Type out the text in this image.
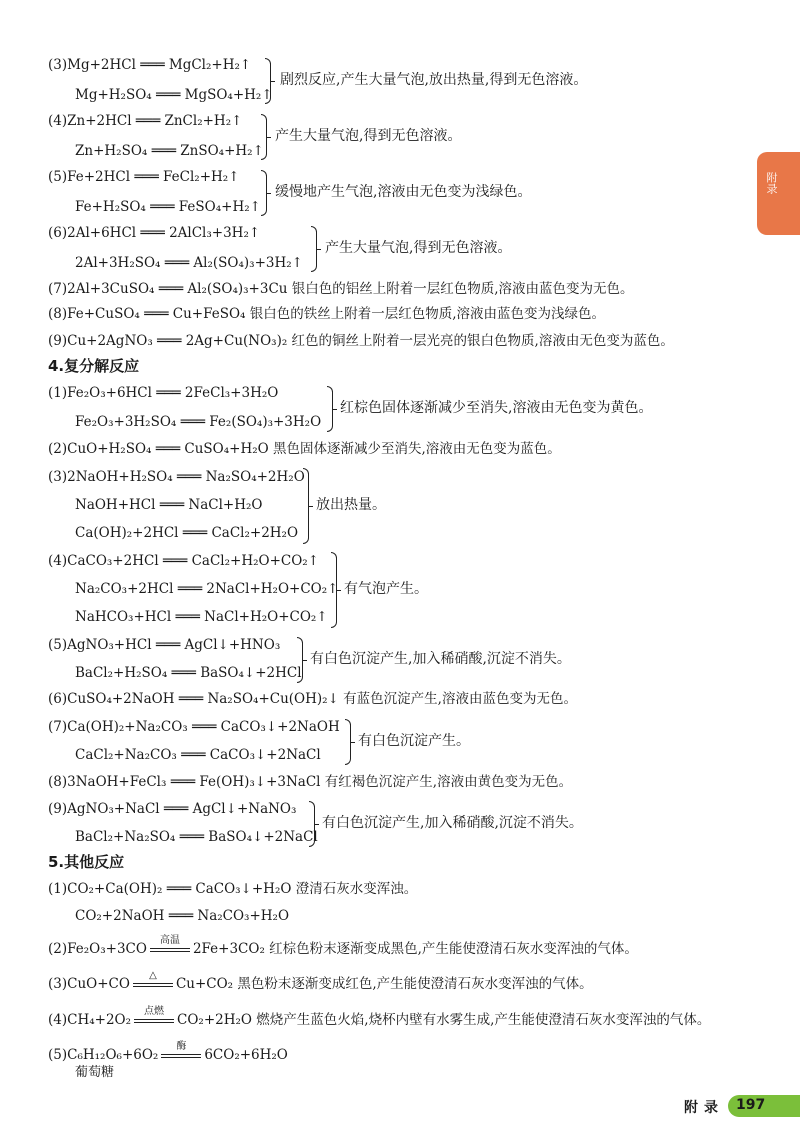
(3)Mg+2HCl ═══ MgCl₂+H₂↑
Mg+H₂SO₄ ═══ MgSO₄+H₂↑
剧烈反应,产生大量气泡,放出热量,得到无色溶液。
(4)Zn+2HCl ═══ ZnCl₂+H₂↑
Zn+H₂SO₄ ═══ ZnSO₄+H₂↑
产生大量气泡,得到无色溶液。
(5)Fe+2HCl ═══ FeCl₂+H₂↑
Fe+H₂SO₄ ═══ FeSO₄+H₂↑
缓慢地产生气泡,溶液由无色变为浅绿色。
(6)2Al+6HCl ═══ 2AlCl₃+3H₂↑
2Al+3H₂SO₄ ═══ Al₂(SO₄)₃+3H₂↑
产生大量气泡,得到无色溶液。
(7)2Al+3CuSO₄ ═══ Al₂(SO₄)₃+3Cu 银白色的铝丝上附着一层红色物质,溶液由蓝色变为无色。
(8)Fe+CuSO₄ ═══ Cu+FeSO₄ 银白色的铁丝上附着一层红色物质,溶液由蓝色变为浅绿色。
(9)Cu+2AgNO₃ ═══ 2Ag+Cu(NO₃)₂ 红色的铜丝上附着一层光亮的银白色物质,溶液由无色变为蓝色。
4.复分解反应
(1)Fe₂O₃+6HCl ═══ 2FeCl₃+3H₂O
Fe₂O₃+3H₂SO₄ ═══ Fe₂(SO₄)₃+3H₂O
红棕色固体逐渐减少至消失,溶液由无色变为黄色。
(2)CuO+H₂SO₄ ═══ CuSO₄+H₂O 黑色固体逐渐减少至消失,溶液由无色变为蓝色。
(3)2NaOH+H₂SO₄ ═══ Na₂SO₄+2H₂O
NaOH+HCl ═══ NaCl+H₂O
Ca(OH)₂+2HCl ═══ CaCl₂+2H₂O
放出热量。
(4)CaCO₃+2HCl ═══ CaCl₂+H₂O+CO₂↑
Na₂CO₃+2HCl ═══ 2NaCl+H₂O+CO₂↑
NaHCO₃+HCl ═══ NaCl+H₂O+CO₂↑
有气泡产生。
(5)AgNO₃+HCl ═══ AgCl↓+HNO₃
BaCl₂+H₂SO₄ ═══ BaSO₄↓+2HCl
有白色沉淀产生,加入稀硝酸,沉淀不消失。
(6)CuSO₄+2NaOH ═══ Na₂SO₄+Cu(OH)₂↓ 有蓝色沉淀产生,溶液由蓝色变为无色。
(7)Ca(OH)₂+Na₂CO₃ ═══ CaCO₃↓+2NaOH
CaCl₂+Na₂CO₃ ═══ CaCO₃↓+2NaCl
有白色沉淀产生。
(8)3NaOH+FeCl₃ ═══ Fe(OH)₃↓+3NaCl 有红褐色沉淀产生,溶液由黄色变为无色。
(9)AgNO₃+NaCl ═══ AgCl↓+NaNO₃
BaCl₂+Na₂SO₄ ═══ BaSO₄↓+2NaCl
有白色沉淀产生,加入稀硝酸,沉淀不消失。
5.其他反应
(1)CO₂+Ca(OH)₂ ═══ CaCO₃↓+H₂O 澄清石灰水变浑浊。
CO₂+2NaOH ═══ Na₂CO₃+H₂O
(2)Fe₂O₃+3CO
高温
2Fe+3CO₂ 红棕色粉末逐渐变成黑色,产生能使澄清石灰水变浑浊的气体。
(3)CuO+CO
△
Cu+CO₂ 黑色粉末逐渐变成红色,产生能使澄清石灰水变浑浊的气体。
(4)CH₄+2O₂
点燃
CO₂+2H₂O 燃烧产生蓝色火焰,烧杯内壁有水雾生成,产生能使澄清石灰水变浑浊的气体。
(5)C₆H₁₂O₆+6O₂
酶
6CO₂+6H₂O
葡萄糖
附录
附录 197
